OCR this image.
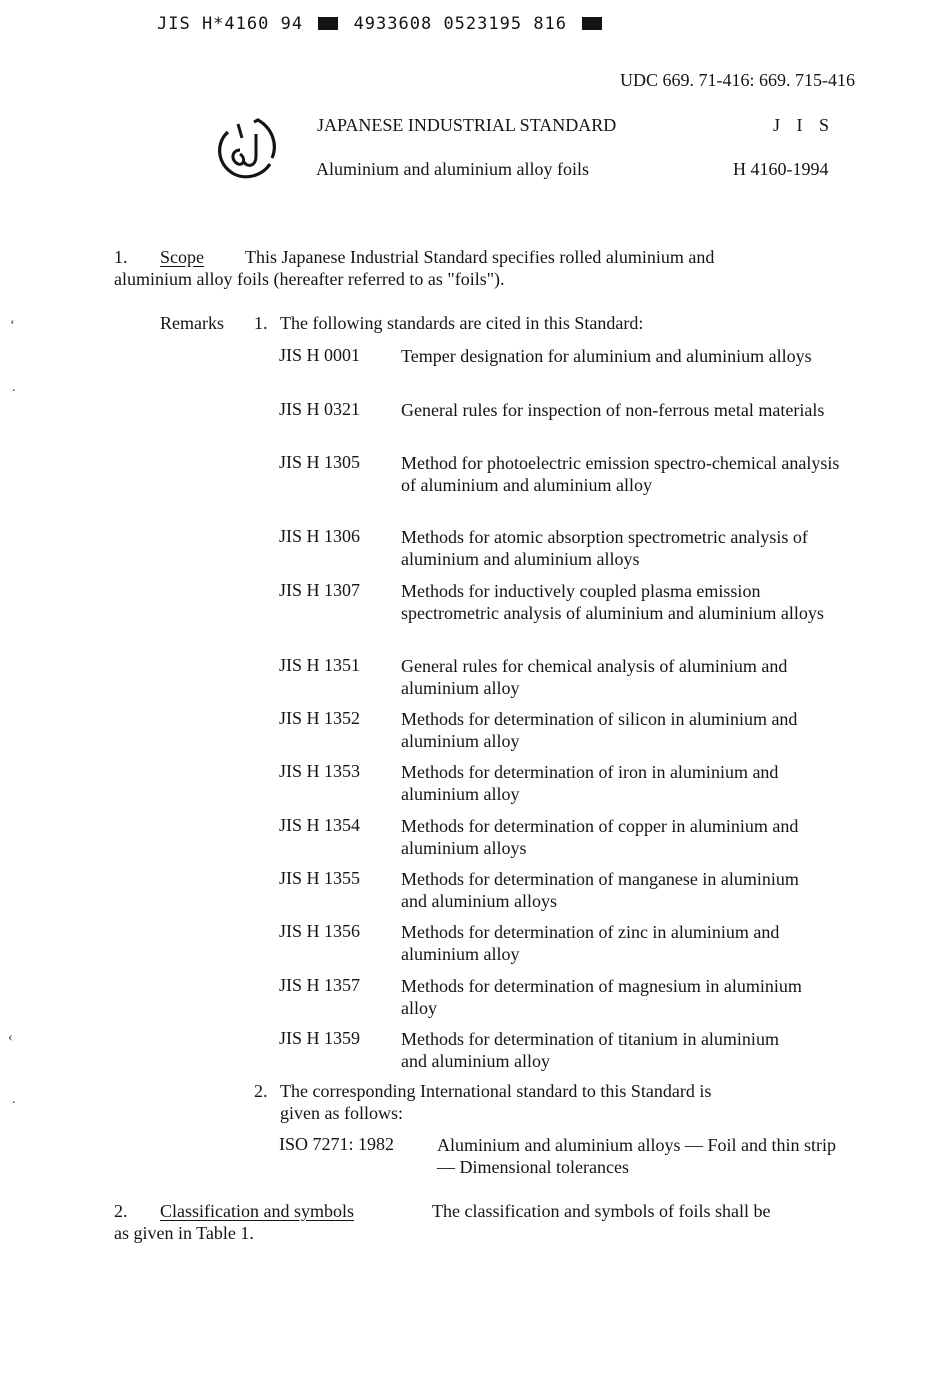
JIS H*4160 94	4933608 0523195 816
UDC 669. 71-416: 669. 715-416
JAPANESE INDUSTRIAL STANDARD	J I S
Aluminium and aluminium alloy foils	H 4160-1994
1. Scope This Japanese Industrial Standard specifies rolled aluminium and
aluminium alloy foils (hereafter referred to as "foils").
‘
.
‹
.
Remarks 1. The following standards are cited in this Standard:
JIS H 0001 Temper designation for aluminium and aluminium alloys
JIS H 0321 General rules for inspection of non-ferrous metal materials
JIS H 1305 Method for photoelectric emission spectro-chemical analysis of aluminium and aluminium alloy
JIS H 1306 Methods for atomic absorption spectrometric analysis of aluminium and aluminium alloys
JIS H 1307 Methods for inductively coupled plasma emission spectrometric analysis of aluminium and aluminium alloys
JIS H 1351 General rules for chemical analysis of aluminium and aluminium alloy
JIS H 1352 Methods for determination of silicon in aluminium and aluminium alloy
JIS H 1353 Methods for determination of iron in aluminium and aluminium alloy
JIS H 1354 Methods for determination of copper in aluminium and aluminium alloys
JIS H 1355 Methods for determination of manganese in aluminium and aluminium alloys
JIS H 1356 Methods for determination of zinc in aluminium and aluminium alloy
JIS H 1357 Methods for determination of magnesium in aluminium alloy
JIS H 1359 Methods for determination of titanium in aluminium and aluminium alloy
2. The corresponding International standard to this Standard is
given as follows:
ISO 7271: 1982 Aluminium and aluminium alloys — Foil and thin strip — Dimensional tolerances
2. Classification and symbols	The classification and symbols of foils shall be
as given in Table 1.
